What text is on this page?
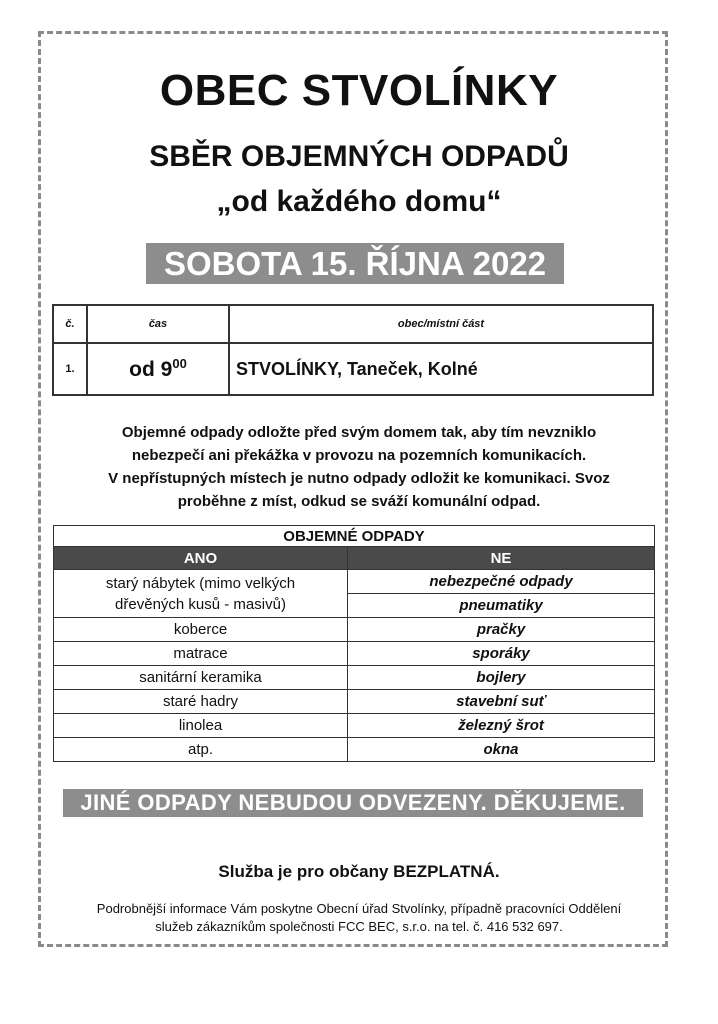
OBEC STVOLÍNKY
SBĚR OBJEMNÝCH ODPADŮ
„od každého domu“
SOBOTA 15. ŘÍJNA 2022
č.	čas	obec/místní část
1.	od $9^{00}$	STVOLÍNKY, Taneček, Kolné
Objemné odpady odložte před svým domem tak, aby tím nevzniklo
nebezpečí ani překážka v provozu na pozemních komunikacích.
V nepřístupných místech je nutno odpady odložit ke komunikaci. Svoz
proběhne z míst, odkud se sváží komunální odpad.
OBJEMNÉ ODPADY	
ANO	NE

starý nábytek (mimo velkých
dřevěných kusů - masivů)	nebezpečné odpady
	pneumatiky
koberce	pračky
matrace	sporáky
sanitární keramika	bojlery
staré hadry	stavební suť
linolea	železný šrot
atp.	okna
JINÉ ODPADY NEBUDOU ODVEZENY. DĚKUJEME.
Služba je pro občany BEZPLATNÁ.
Podrobnější informace Vám poskytne Obecní úřad Stvolínky, případně pracovníci Oddělení
služeb zákazníkům společnosti FCC BEC, s.r.o. na tel. č. 416 532 697.
